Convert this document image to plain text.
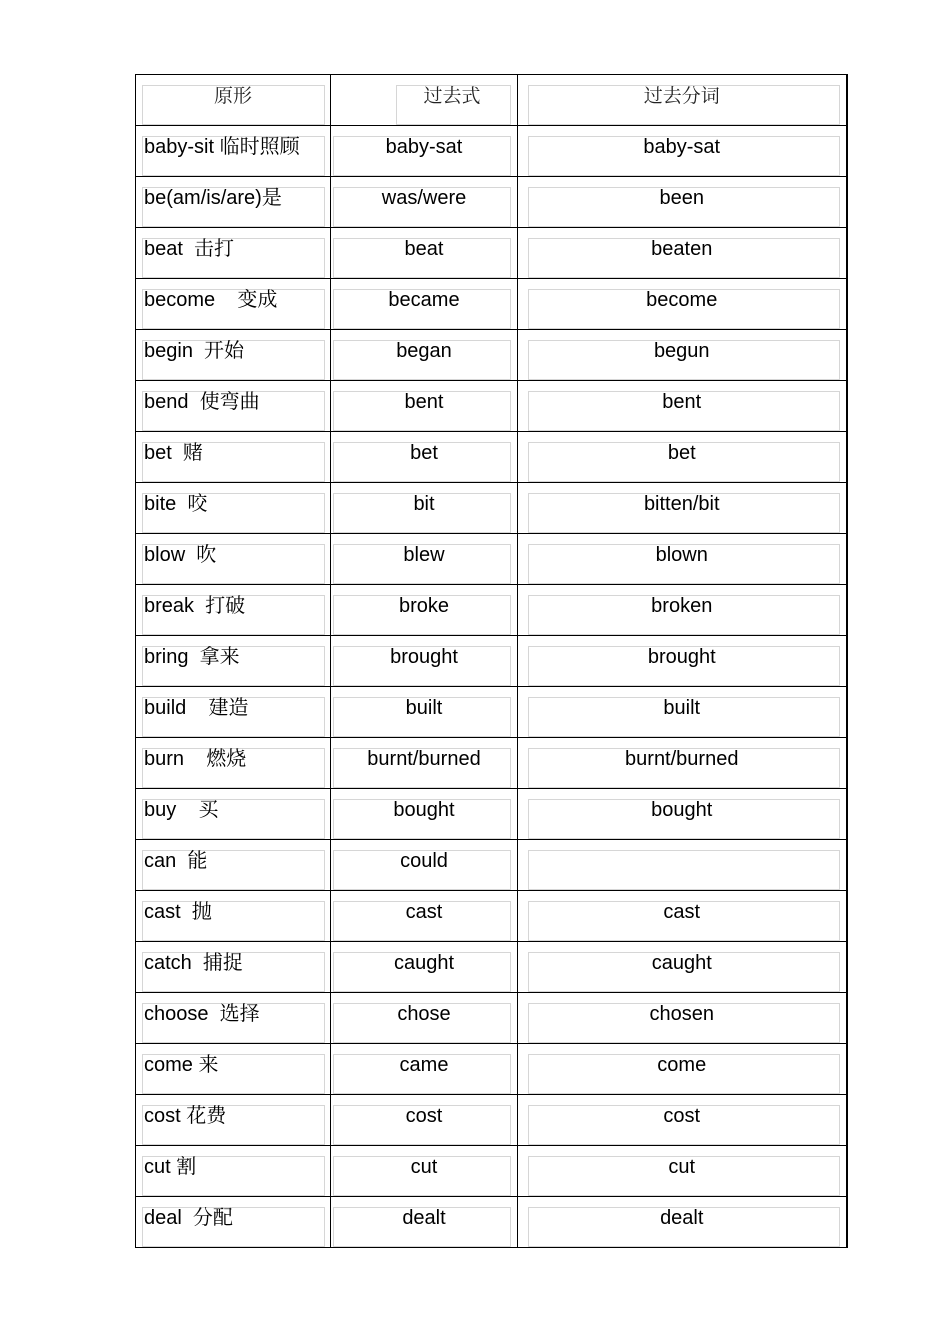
原形	过去式	过去分词

baby-sit 临时照顾	baby-sat	baby-sat

be(am/is/are)是	was/were	been

beat  击打	beat	beaten

become    变成	became	become

begin  开始	began	begun

bend  使弯曲	bent	bent

bet  赌	bet	bet

bite  咬	bit	bitten/bit

blow  吹	blew	blown

break  打破	broke	broken

bring  拿来	brought	brought

build    建造	built	built

burn    燃烧	burnt/burned	burnt/burned

buy    买	bought	bought

can  能	could	

cast  抛	cast	cast

catch  捕捉	caught	caught

choose  选择	chose	chosen

come 来	came	come

cost 花费	cost	cost

cut 割	cut	cut

deal  分配	dealt	dealt
